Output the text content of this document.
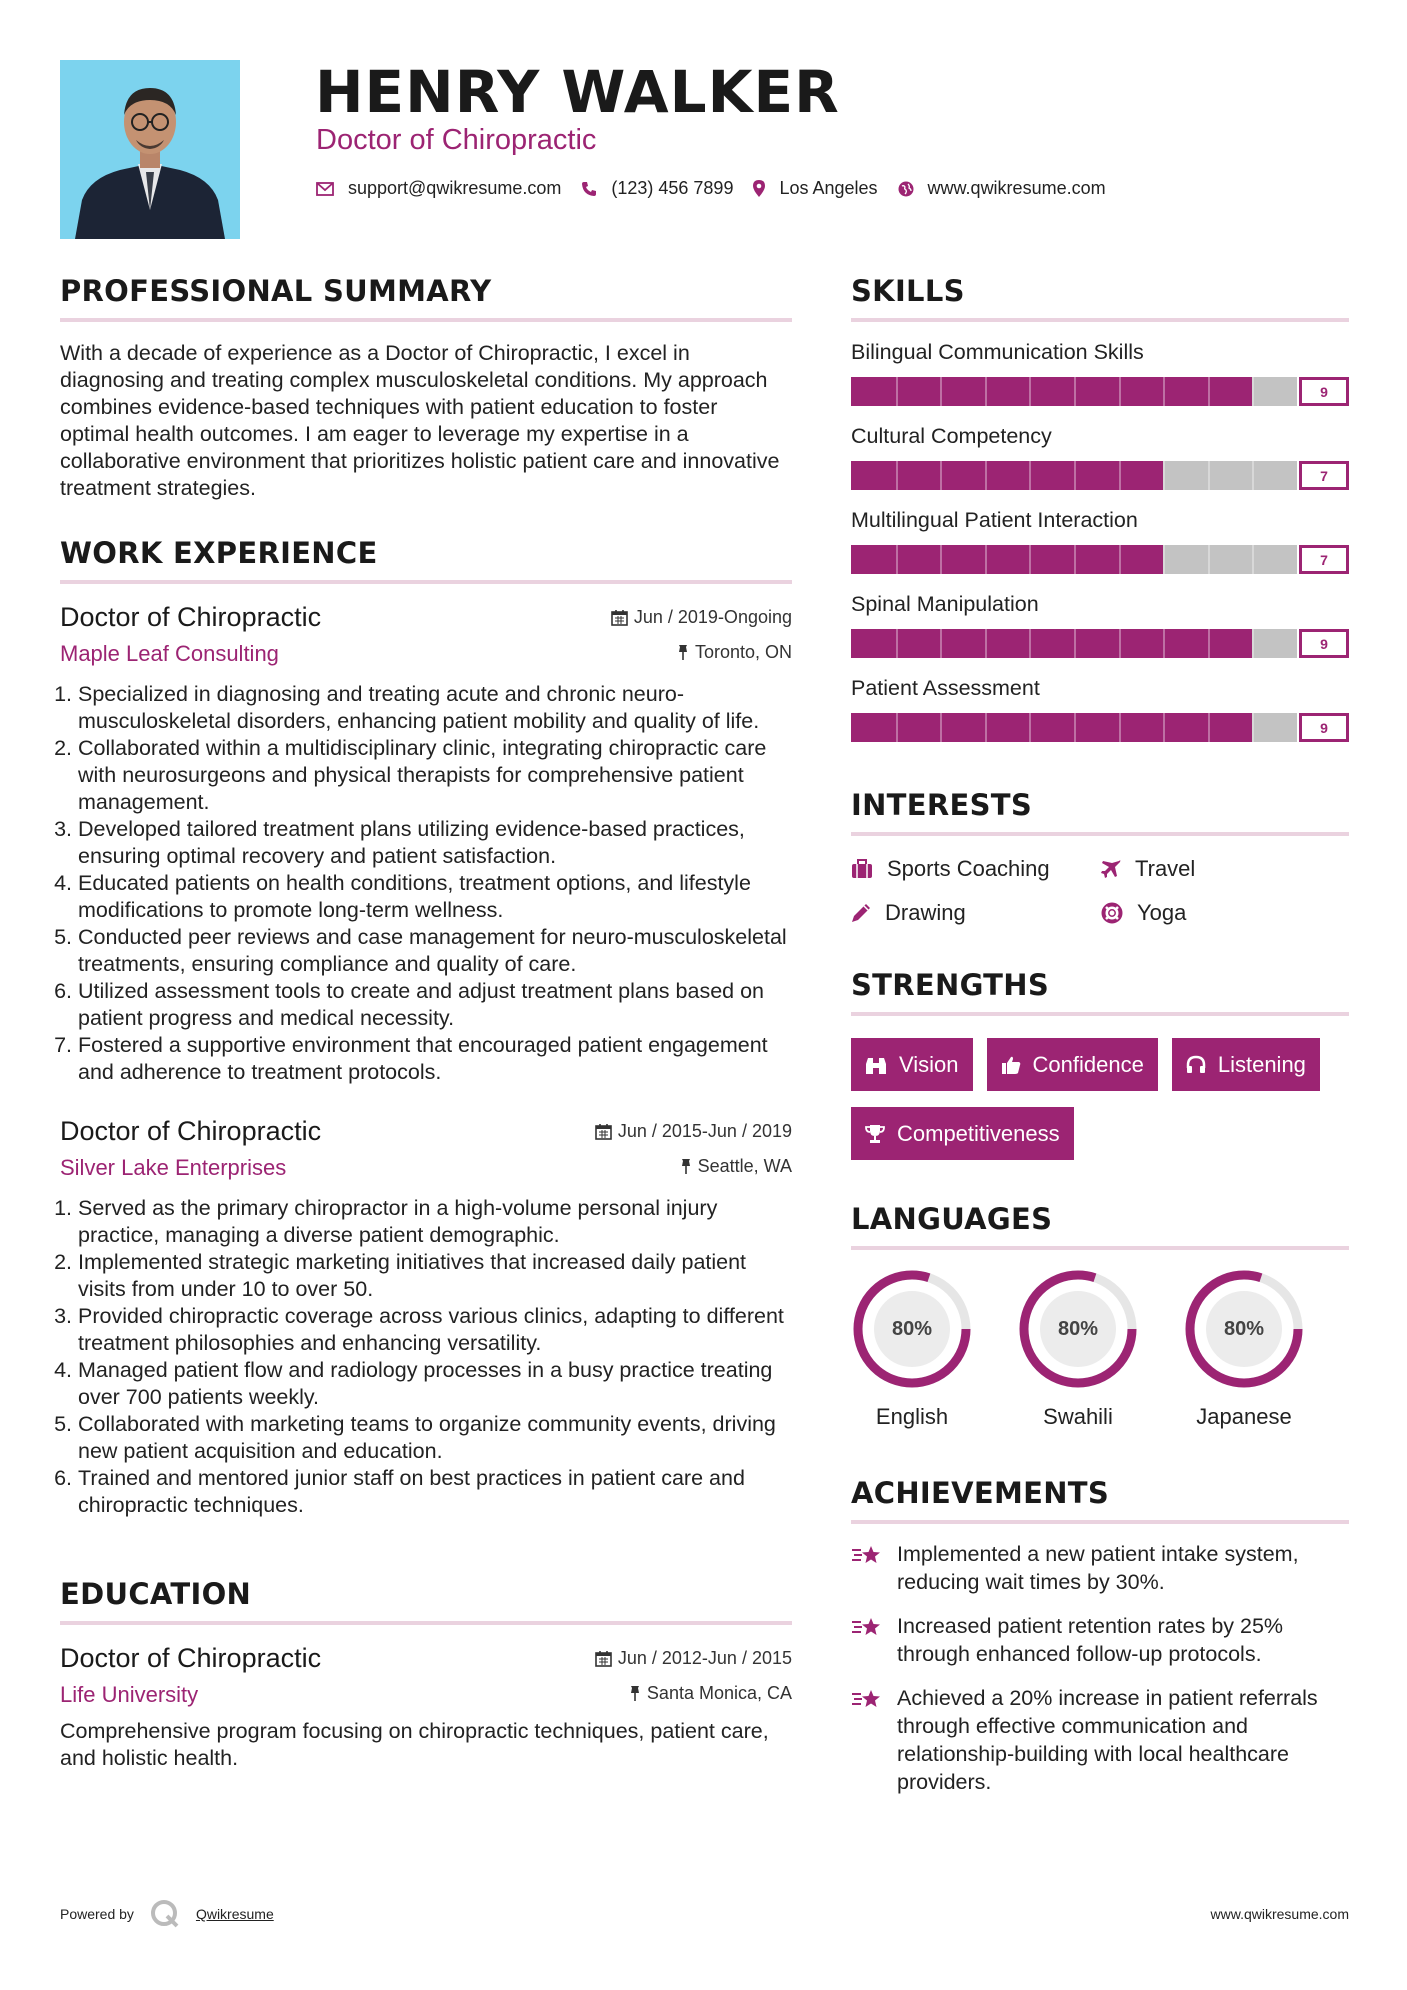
HENRY WALKER
Doctor of Chiropractic
support@qwikresume.com	(123) 456 7899	Los Angeles	www.qwikresume.com
PROFESSIONAL SUMMARY
With a decade of experience as a Doctor of Chiropractic, I excel in diagnosing and treating complex musculoskeletal conditions. My approach combines evidence-based techniques with patient education to foster optimal health outcomes. I am eager to leverage my expertise in a collaborative environment that prioritizes holistic patient care and innovative treatment strategies.
WORK EXPERIENCE
Doctor of Chiropractic	Jun / 2019-Ongoing
Maple Leaf Consulting	Toronto, ON
1. Specialized in diagnosing and treating acute and chronic neuro-musculoskeletal disorders, enhancing patient mobility and quality of life.
2. Collaborated within a multidisciplinary clinic, integrating chiropractic care with neurosurgeons and physical therapists for comprehensive patient management.
3. Developed tailored treatment plans utilizing evidence-based practices, ensuring optimal recovery and patient satisfaction.
4. Educated patients on health conditions, treatment options, and lifestyle modifications to promote long-term wellness.
5. Conducted peer reviews and case management for neuro-musculoskeletal treatments, ensuring compliance and quality of care.
6. Utilized assessment tools to create and adjust treatment plans based on patient progress and medical necessity.
7. Fostered a supportive environment that encouraged patient engagement and adherence to treatment protocols.
Doctor of Chiropractic	Jun / 2015-Jun / 2019
Silver Lake Enterprises	Seattle, WA
1. Served as the primary chiropractor in a high-volume personal injury practice, managing a diverse patient demographic.
2. Implemented strategic marketing initiatives that increased daily patient visits from under 10 to over 50.
3. Provided chiropractic coverage across various clinics, adapting to different treatment philosophies and enhancing versatility.
4. Managed patient flow and radiology processes in a busy practice treating over 700 patients weekly.
5. Collaborated with marketing teams to organize community events, driving new patient acquisition and education.
6. Trained and mentored junior staff on best practices in patient care and chiropractic techniques.
EDUCATION
Doctor of Chiropractic	Jun / 2012-Jun / 2015
Life University	Santa Monica, CA
Comprehensive program focusing on chiropractic techniques, patient care, and holistic health.
SKILLS
Bilingual Communication Skills
9
Cultural Competency
7
Multilingual Patient Interaction
7
Spinal Manipulation
9
Patient Assessment
9
INTERESTS
Sports Coaching	Travel
Drawing	Yoga
STRENGTHS
Vision	Confidence	Listening
Competitiveness
LANGUAGES
80%
English
80%
Swahili
80%
Japanese
ACHIEVEMENTS
Implemented a new patient intake system, reducing wait times by 30%.
Increased patient retention rates by 25% through enhanced follow-up protocols.
Achieved a 20% increase in patient referrals through effective communication and relationship-building with local healthcare providers.
Powered by	Qwikresume	www.qwikresume.com
